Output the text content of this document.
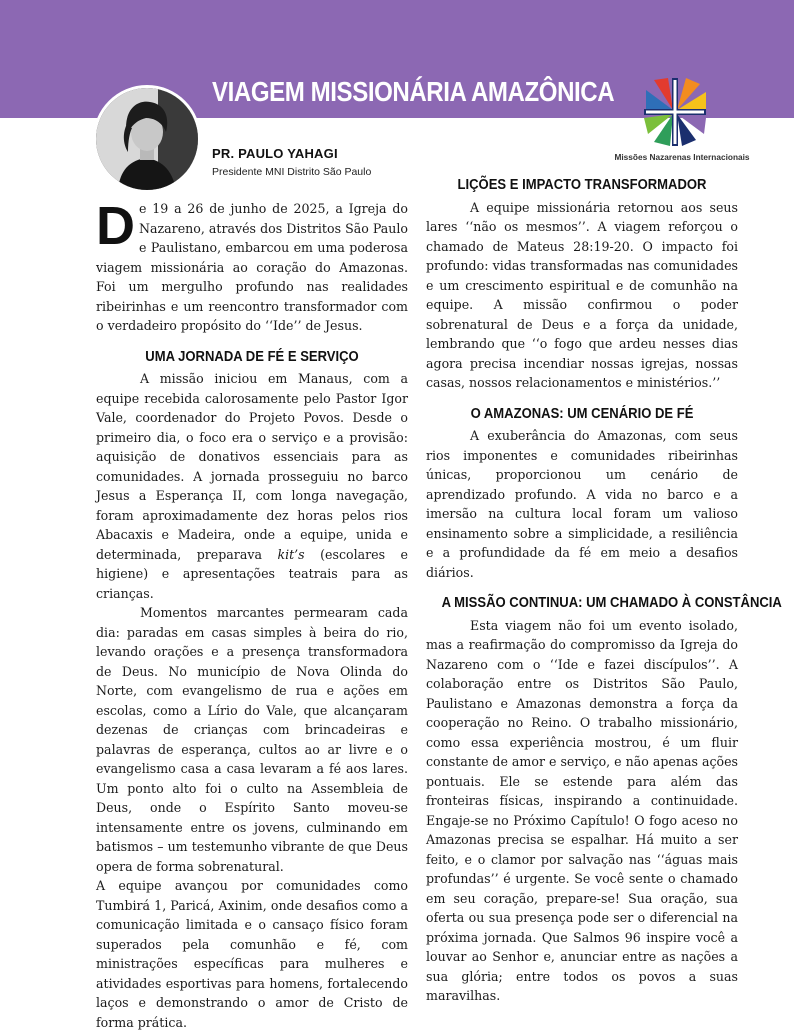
VIAGEM MISSIONÁRIA AMAZÔNICA
Missões Nazarenas Internacionais
PR. PAULO YAHAGI
Presidente MNI Distrito São Paulo

De 19 a 26 de junho de 2025, a Igreja do Nazareno, através dos Distritos São Paulo e Paulistano, embarcou em uma poderosa viagem missionária ao coração do Amazonas. Foi um mergulho profundo nas realidades ribeirinhas e um reencontro transformador com o verdadeiro propósito do ‘‘Ide’’ de Jesus.

UMA JORNADA DE FÉ E SERVIÇO

A missão iniciou em Manaus, com a equipe recebida calorosamente pelo Pastor Igor Vale, coordenador do Projeto Povos. Desde o primeiro dia, o foco era o serviço e a provisão: aquisição de donativos essenciais para as comunidades. A jornada prosseguiu no barco Jesus a Esperança II, com longa navegação, foram aproximadamente dez horas pelos rios Abacaxis e Madeira, onde a equipe, unida e determinada, preparava kit’s (escolares e higiene) e apresentações teatrais para as crianças.

Momentos marcantes permearam cada dia: paradas em casas simples à beira do rio, levando orações e a presença transformadora de Deus. No município de Nova Olinda do Norte, com evangelismo de rua e ações em escolas, como a Lírio do Vale, que alcançaram dezenas de crianças com brincadeiras e palavras de esperança, cultos ao ar livre e o evangelismo casa a casa levaram a fé aos lares. Um ponto alto foi o culto na Assembleia de Deus, onde o Espírito Santo moveu-se intensamente entre os jovens, culminando em batismos – um testemunho vibrante de que Deus opera de forma sobrenatural.

A equipe avançou por comunidades como Tumbirá 1, Paricá, Axinim, onde desafios como a comunicação limitada e o cansaço físico foram superados pela comunhão e fé, com ministrações específicas para mulheres e atividades esportivas para homens, fortalecendo laços e demonstrando o amor de Cristo de forma prática.

LIÇÕES E IMPACTO TRANSFORMADOR

A equipe missionária retornou aos seus lares ‘‘não os mesmos’’. A viagem reforçou o chamado de Mateus 28:19-20. O impacto foi profundo: vidas transformadas nas comunidades e um crescimento espiritual e de comunhão na equipe. A missão confirmou o poder sobrenatural de Deus e a força da unidade, lembrando que ‘‘o fogo que ardeu nesses dias agora precisa incendiar nossas igrejas, nossas casas, nossos relacionamentos e ministérios.’’

O AMAZONAS: UM CENÁRIO DE FÉ

A exuberância do Amazonas, com seus rios imponentes e comunidades ribeirinhas únicas, proporcionou um cenário de aprendizado profundo. A vida no barco e a imersão na cultura local foram um valioso ensinamento sobre a simplicidade, a resiliência e a profundidade da fé em meio a desafios diários.

A MISSÃO CONTINUA: UM CHAMADO À CONSTÂNCIA

Esta viagem não foi um evento isolado, mas a reafirmação do compromisso da Igreja do Nazareno com o ‘‘Ide e fazei discípulos’’. A colaboração entre os Distritos São Paulo, Paulistano e Amazonas demonstra a força da cooperação no Reino. O trabalho missionário, como essa experiência mostrou, é um fluir constante de amor e serviço, e não apenas ações pontuais. Ele se estende para além das fronteiras físicas, inspirando a continuidade. Engaje-se no Próximo Capítulo! O fogo aceso no Amazonas precisa se espalhar. Há muito a ser feito, e o clamor por salvação nas ‘‘águas mais profundas’’ é urgente. Se você sente o chamado em seu coração, prepare-se! Sua oração, sua oferta ou sua presença pode ser o diferencial na próxima jornada. Que Salmos 96 inspire você a louvar ao Senhor e, anunciar entre as nações a sua glória; entre todos os povos a suas maravilhas.
